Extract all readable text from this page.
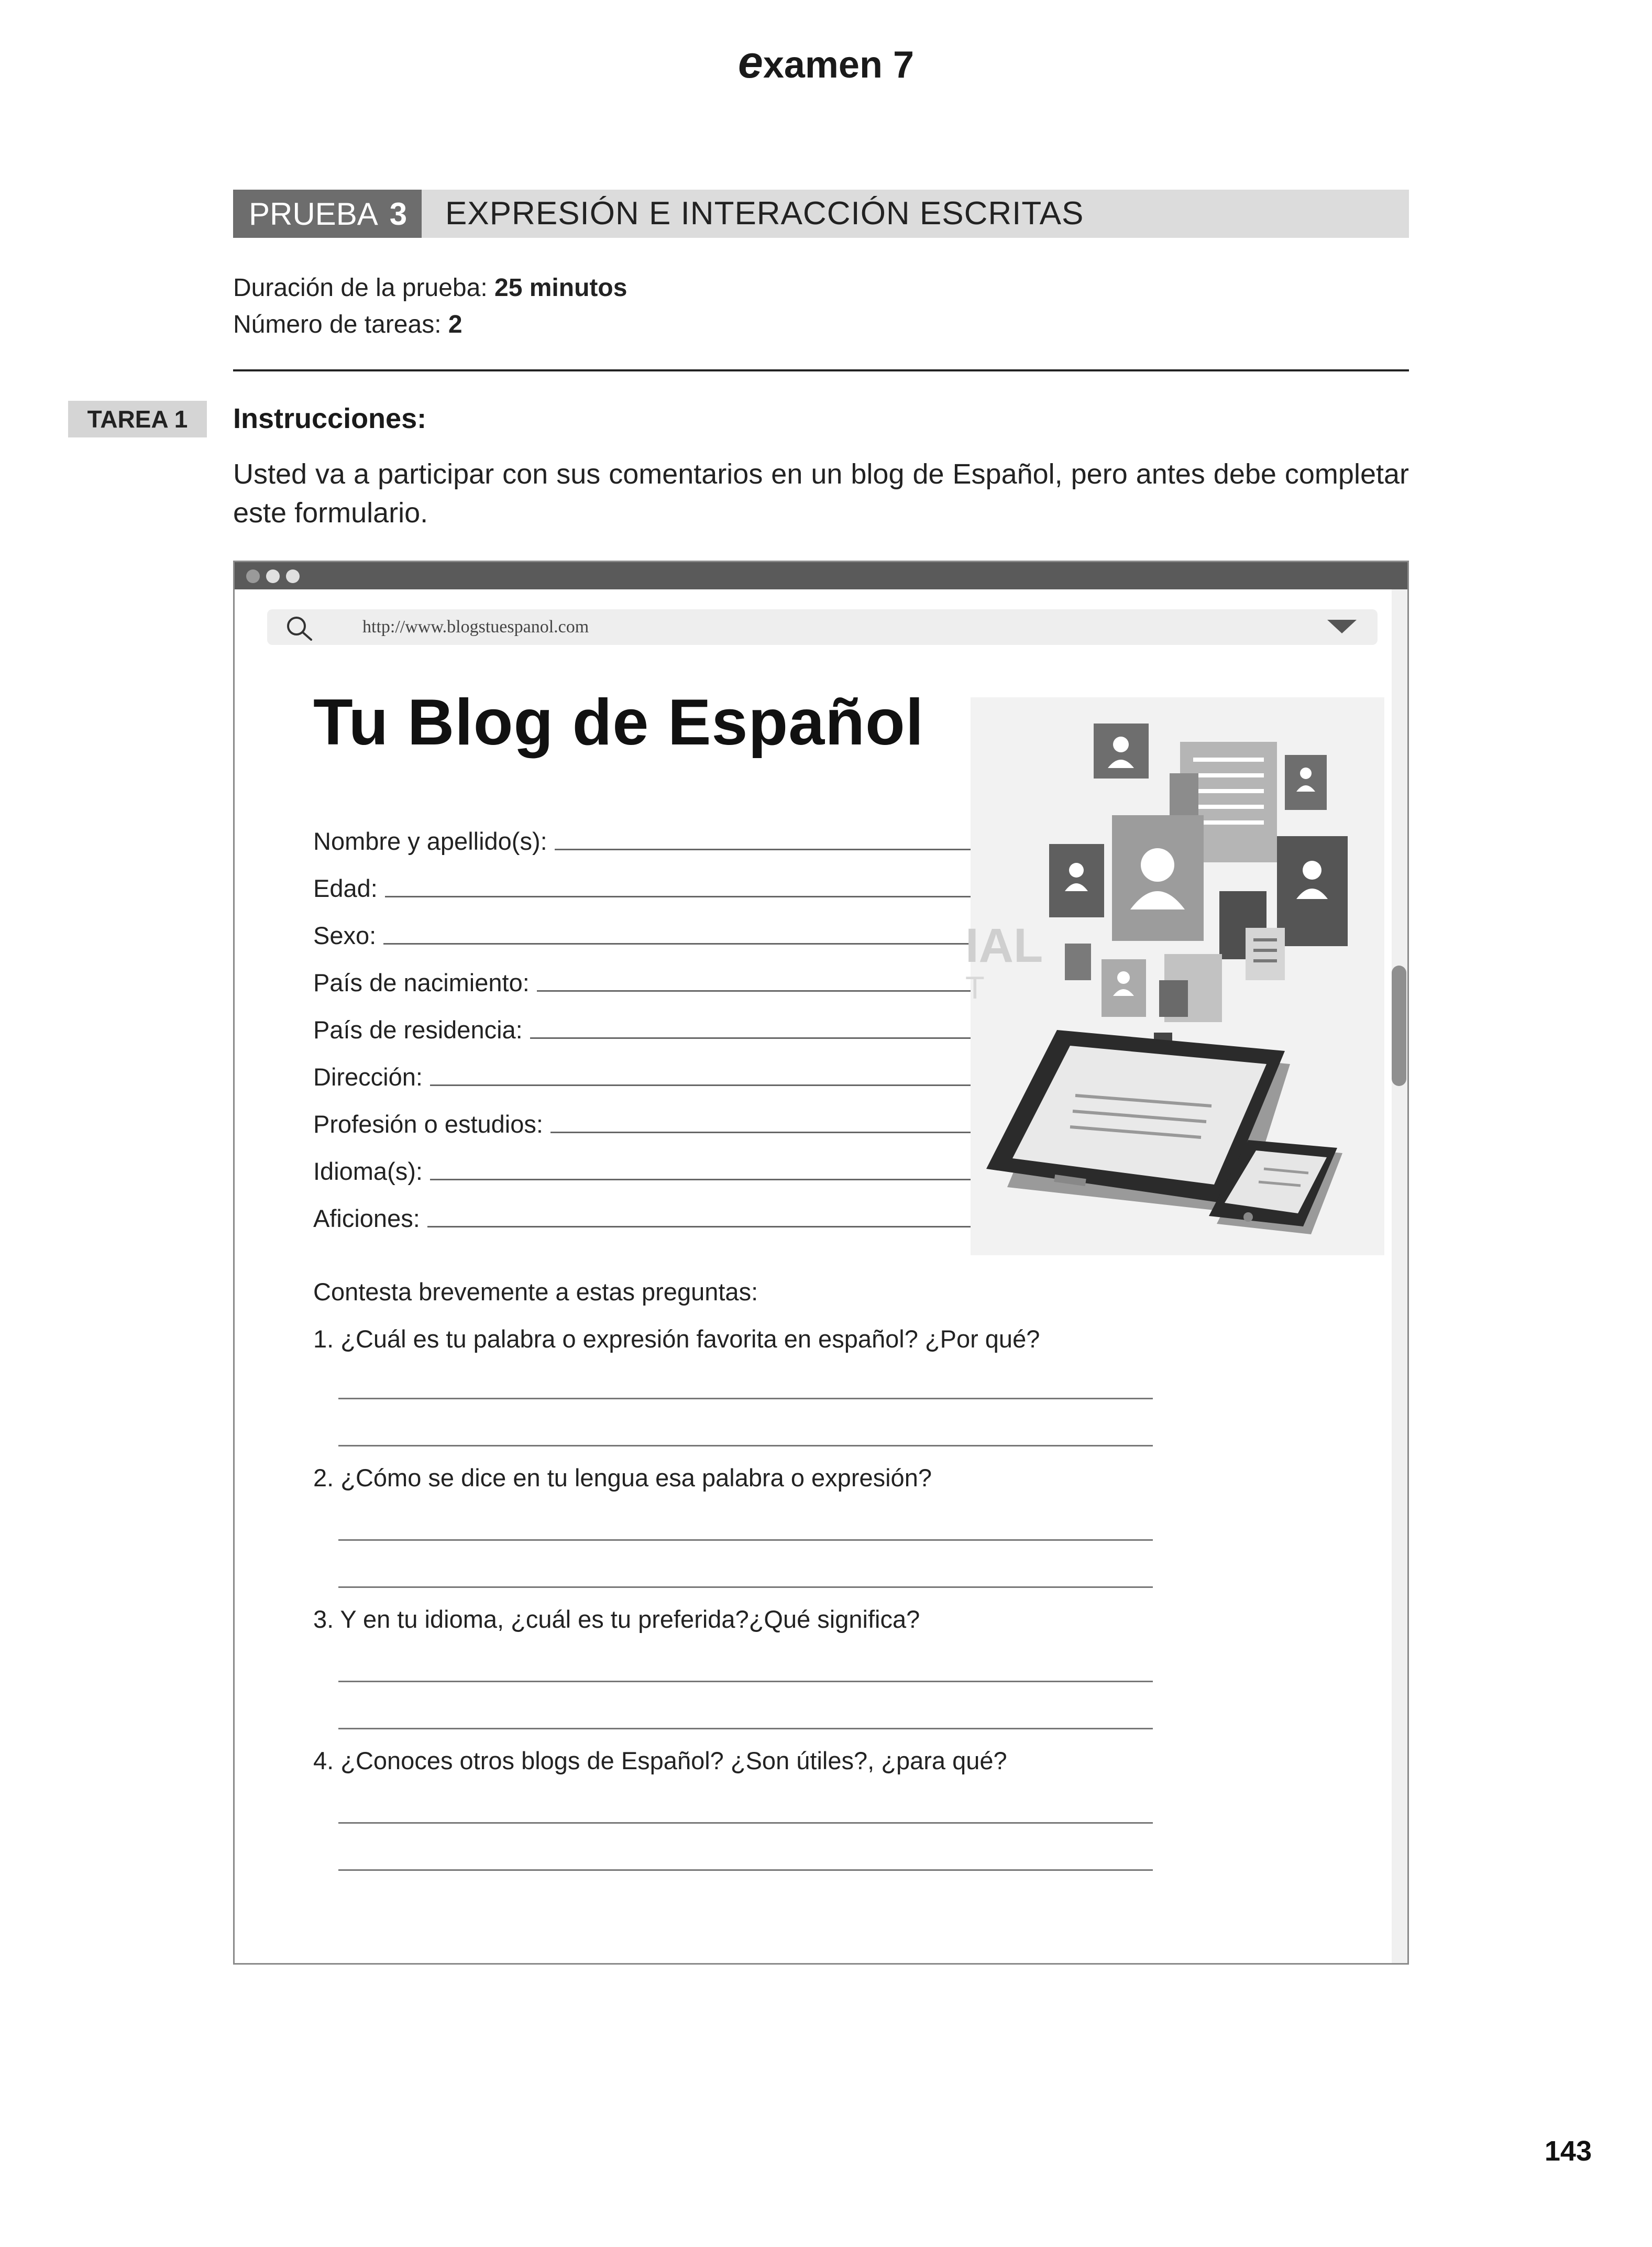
examen 7
PRUEBA 3 EXPRESIÓN E INTERACCIÓN ESCRITAS
Duración de la prueba: 25 minutos
Número de tareas: 2
TAREA 1	Instrucciones:
Usted va a participar con sus comentarios en un blog de Español, pero antes debe completar este formulario.
http://www.blogstuespanol.com
Tu Blog de Español
Nombre y apellido(s):
Edad:
Sexo:
País de nacimiento:
País de residencia:
Dirección:
Profesión o estudios:
Idioma(s):
Aficiones:
IAL
T
Contesta brevemente a estas preguntas:
1. ¿Cuál es tu palabra o expresión favorita en español? ¿Por qué?
2. ¿Cómo se dice en tu lengua esa palabra o expresión?
3. Y en tu idioma, ¿cuál es tu preferida?¿Qué significa?
4. ¿Conoces otros blogs de Español? ¿Son útiles?, ¿para qué?
143
